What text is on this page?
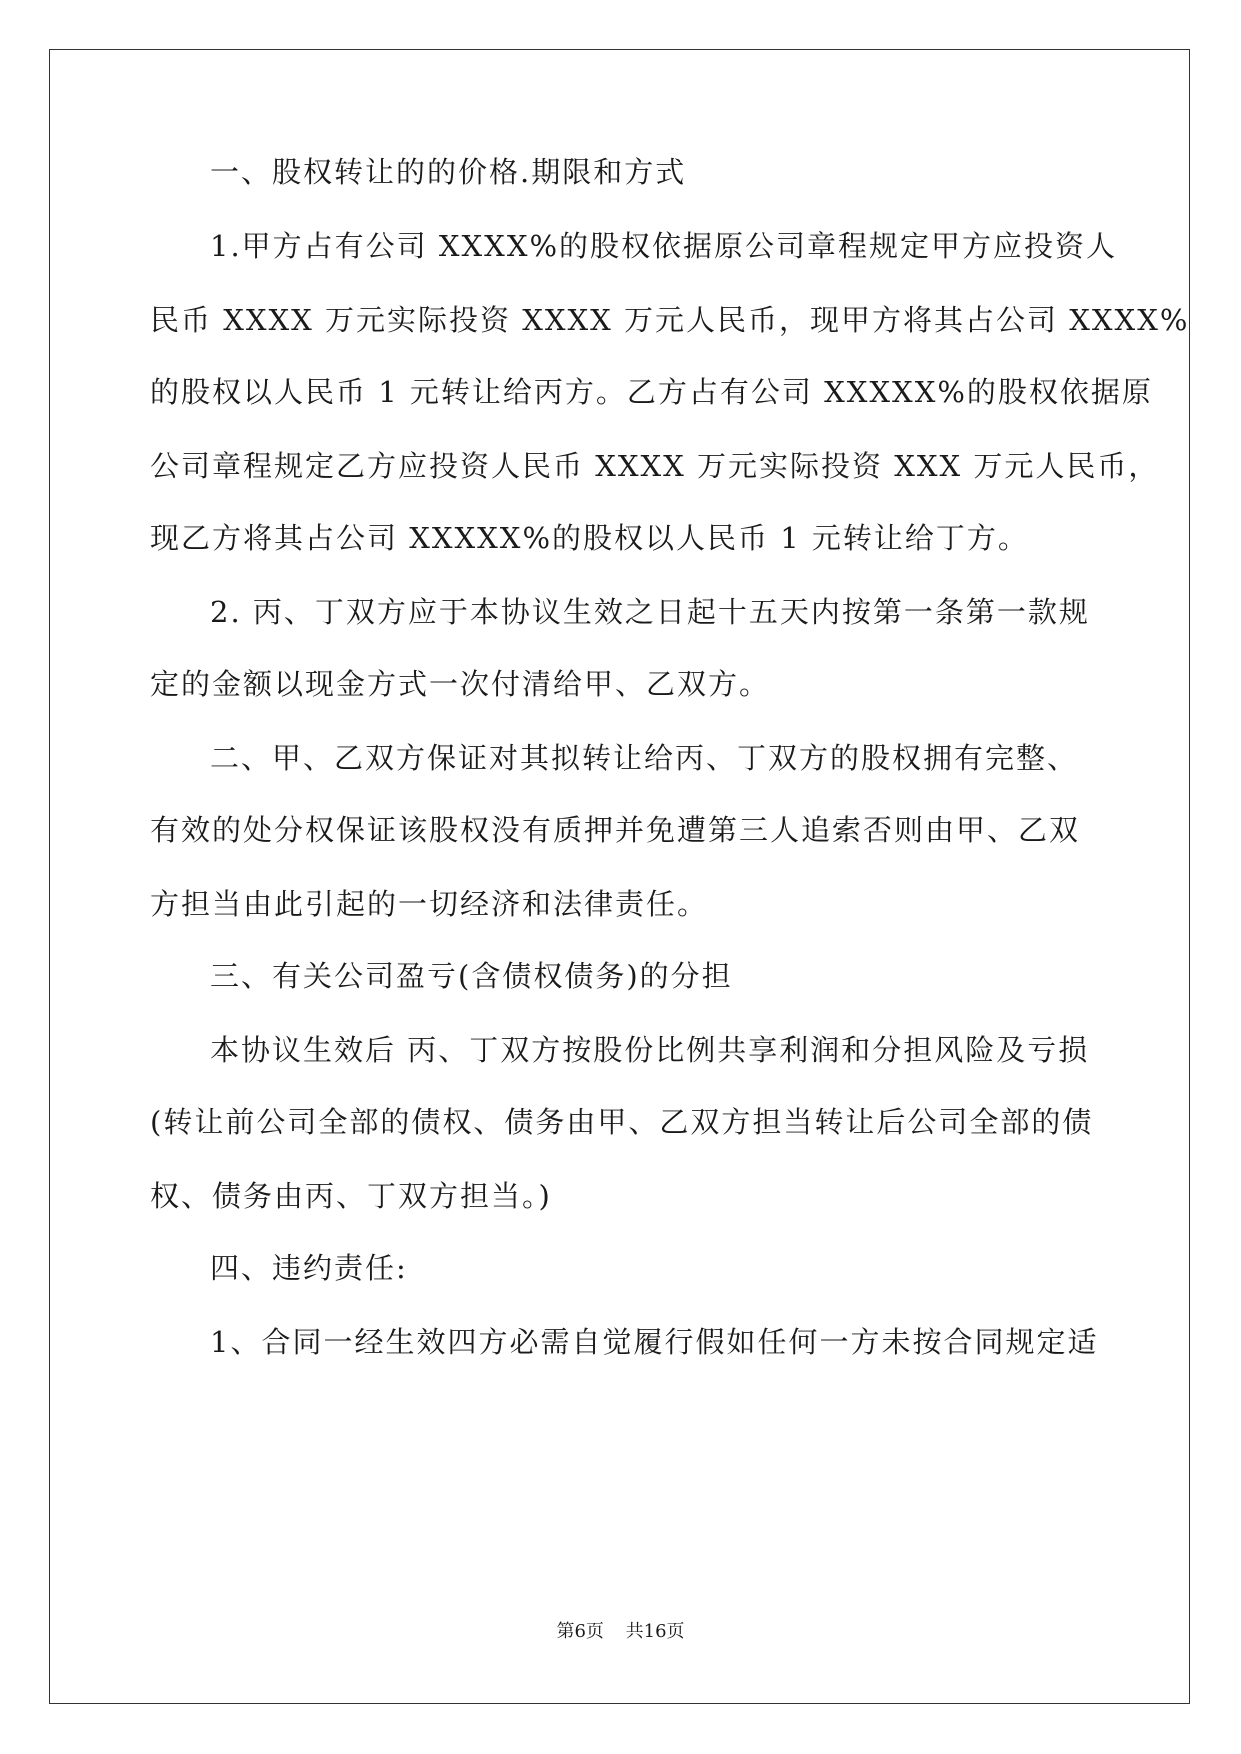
一、股权转让的的价格.期限和方式
1.甲方占有公司 XXXX%的股权依据原公司章程规定甲方应投资人
民币 XXXX 万元实际投资 XXXX 万元人民币，现甲方将其占公司 XXXX%
的股权以人民币 1 元转让给丙方。乙方占有公司 XXXXX%的股权依据原
公司章程规定乙方应投资人民币 XXXX 万元实际投资 XXX 万元人民币，
现乙方将其占公司 XXXXX%的股权以人民币 1 元转让给丁方。
2. 丙、丁双方应于本协议生效之日起十五天内按第一条第一款规
定的金额以现金方式一次付清给甲、乙双方。
二、甲、乙双方保证对其拟转让给丙、丁双方的股权拥有完整、
有效的处分权保证该股权没有质押并免遭第三人追索否则由甲、乙双
方担当由此引起的一切经济和法律责任。
三、有关公司盈亏(含债权债务)的分担
本协议生效后 丙、丁双方按股份比例共享利润和分担风险及亏损
(转让前公司全部的债权、债务由甲、乙双方担当转让后公司全部的债
权、债务由丙、丁双方担当。)
四、违约责任:
1、合同一经生效四方必需自觉履行假如任何一方未按合同规定适
第6页 共16页
